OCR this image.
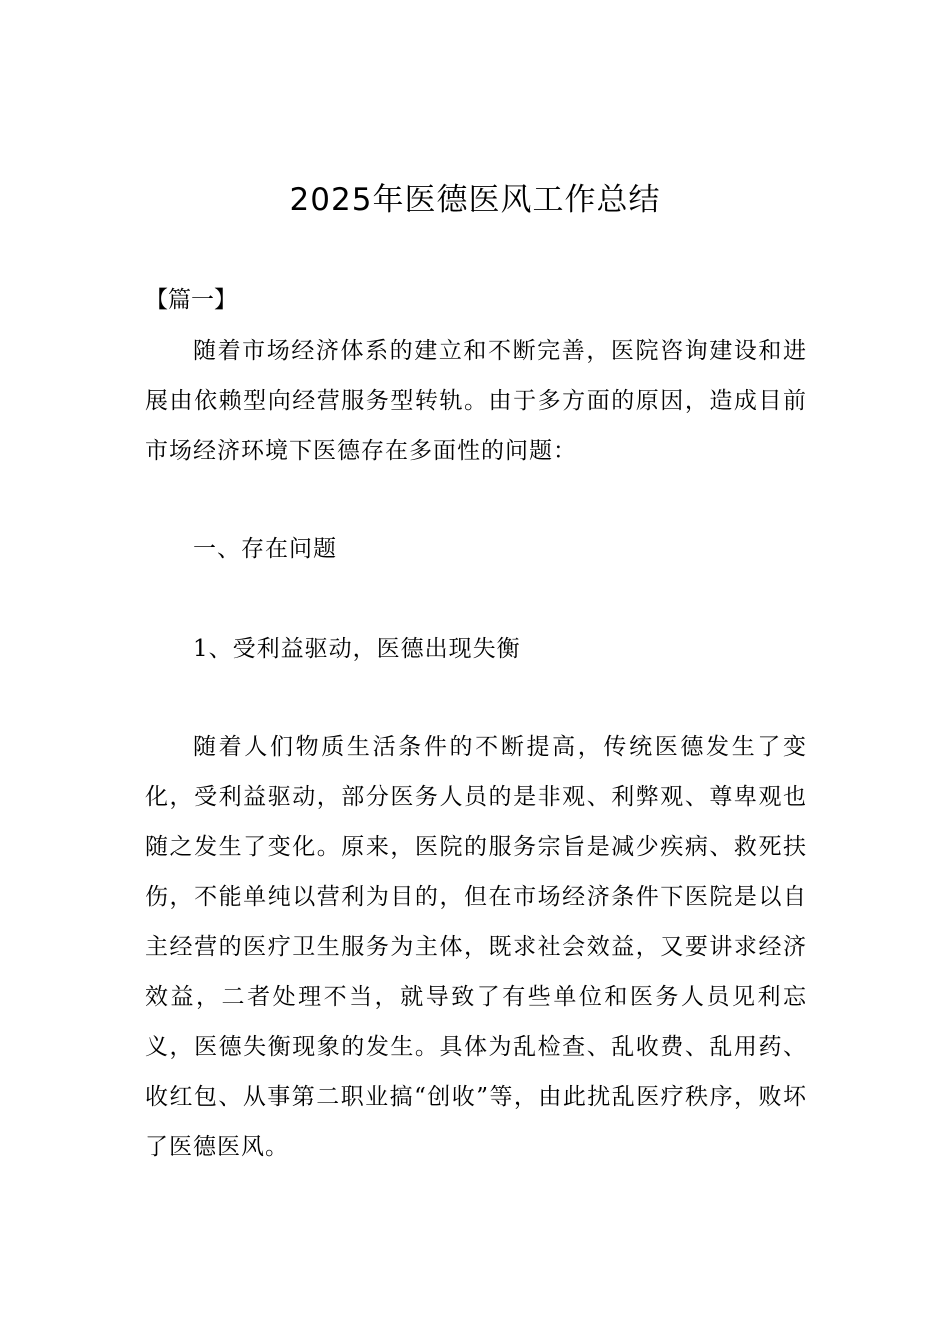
2025年医德医风工作总结
【篇一】

随着市场经济体系的建立和不断完善，医院咨询建设和进展由依赖型向经营服务型转轨。由于多方面的原因，造成目前市场经济环境下医德存在多面性的问题：

一、存在问题

1、受利益驱动，医德出现失衡

随着人们物质生活条件的不断提高，传统医德发生了变化，受利益驱动，部分医务人员的是非观、利弊观、尊卑观也随之发生了变化。原来，医院的服务宗旨是减少疾病、救死扶伤，不能单纯以营利为目的，但在市场经济条件下医院是以自主经营的医疗卫生服务为主体，既求社会效益，又要讲求经济效益，二者处理不当，就导致了有些单位和医务人员见利忘义，医德失衡现象的发生。具体为乱检查、乱收费、乱用药、收红包、从事第二职业搞“创收”等，由此扰乱医疗秩序，败坏了医德医风。
